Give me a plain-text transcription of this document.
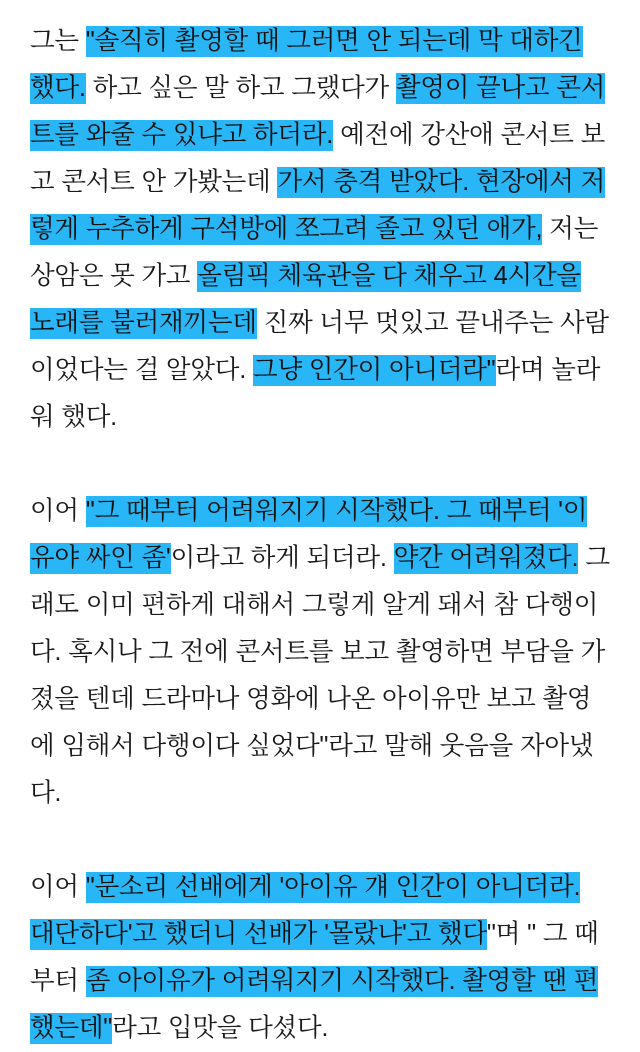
그는 "솔직히 촬영할 때 그러면 안 되는데 막 대하긴 했다. 하고 싶은 말 하고 그랬다가 촬영이 끝나고 콘서트를 와줄 수 있냐고 하더라. 예전에 강산애 콘서트 보고 콘서트 안 가봤는데 가서 충격 받았다. 현장에서 저렇게 누추하게 구석방에 쪼그려 졸고 있던 애가, 저는 상암은 못 가고 올림픽 체육관을 다 채우고 4시간을 노래를 불러재끼는데 진짜 너무 멋있고 끝내주는 사람이었다는 걸 알았다. 그냥 인간이 아니더라"라며 놀라워 했다.

이어 "그 때부터 어려워지기 시작했다. 그 때부터 '이유야 싸인 좀'이라고 하게 되더라. 약간 어려워졌다. 그래도 이미 편하게 대해서 그렇게 알게 돼서 참 다행이다. 혹시나 그 전에 콘서트를 보고 촬영하면 부담을 가졌을 텐데 드라마나 영화에 나온 아이유만 보고 촬영에 임해서 다행이다 싶었다"라고 말해 웃음을 자아냈다.

이어 "문소리 선배에게 '아이유 걔 인간이 아니더라. 대단하다'고 했더니 선배가 '몰랐냐'고 했다"며 " 그 때부터 좀 아이유가 어려워지기 시작했다. 촬영할 땐 편했는데"라고 입맛을 다셨다.
